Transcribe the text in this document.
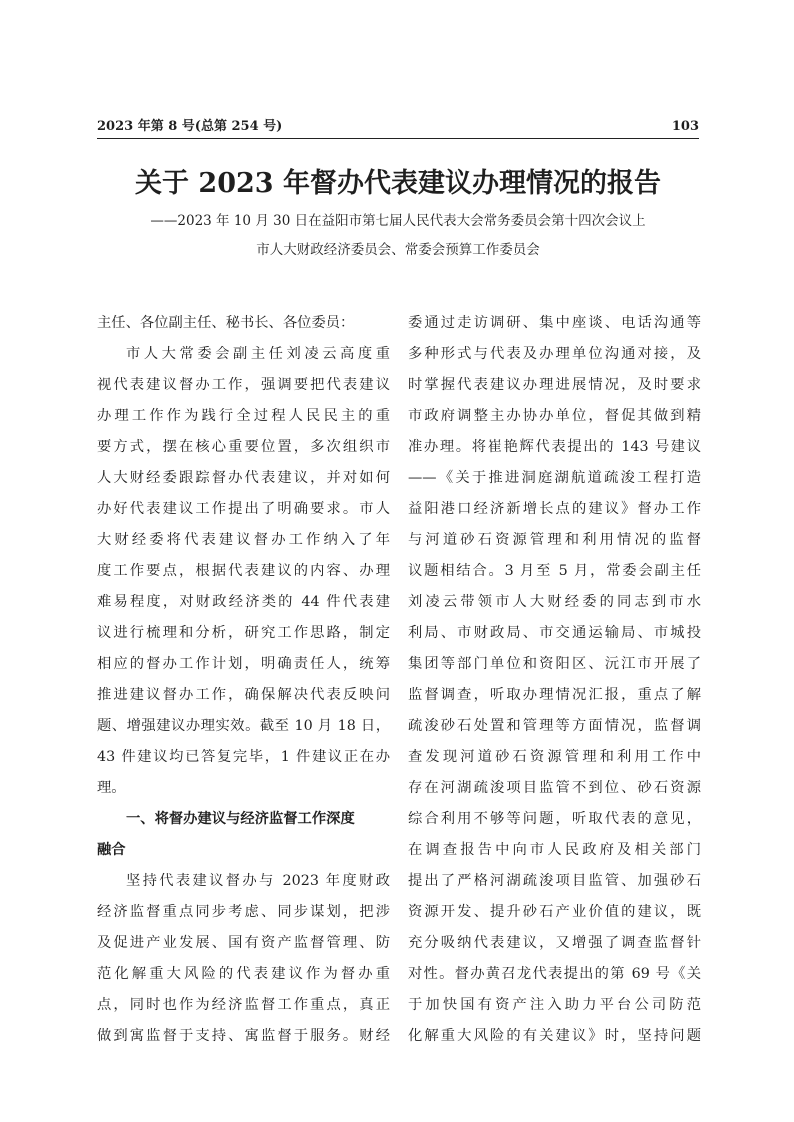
2023 年第 8 号(总第 254 号)	103
关于 2023 年督办代表建议办理情况的报告
——2023 年 10 月 30 日在益阳市第七届人民代表大会常务委员会第十四次会议上
市人大财政经济委员会、常委会预算工作委员会
主任、各位副主任、秘书长、各位委员：
市人大常委会副主任刘凌云高度重
视代表建议督办工作，强调要把代表建议
办理工作作为践行全过程人民民主的重
要方式，摆在核心重要位置，多次组织市
人大财经委跟踪督办代表建议，并对如何
办好代表建议工作提出了明确要求。市人
大财经委将代表建议督办工作纳入了年
度工作要点，根据代表建议的内容、办理
难易程度，对财政经济类的 44 件代表建
议进行梳理和分析，研究工作思路，制定
相应的督办工作计划，明确责任人，统筹
推进建议督办工作，确保解决代表反映问
题、增强建议办理实效。截至 10 月 18 日，
43 件建议均已答复完毕，1 件建议正在办
理。
一、将督办建议与经济监督工作深度
融合
坚持代表建议督办与 2023 年度财政
经济监督重点同步考虑、同步谋划，把涉
及促进产业发展、国有资产监督管理、防
范化解重大风险的代表建议作为督办重
点，同时也作为经济监督工作重点，真正
做到寓监督于支持、寓监督于服务。财经
委通过走访调研、集中座谈、电话沟通等
多种形式与代表及办理单位沟通对接，及
时掌握代表建议办理进展情况，及时要求
市政府调整主办协办单位，督促其做到精
准办理。将崔艳辉代表提出的 143 号建议
——《关于推进洞庭湖航道疏浚工程打造
益阳港口经济新增长点的建议》督办工作
与河道砂石资源管理和利用情况的监督
议题相结合。3 月至 5 月，常委会副主任
刘凌云带领市人大财经委的同志到市水
利局、市财政局、市交通运输局、市城投
集团等部门单位和资阳区、沅江市开展了
监督调查，听取办理情况汇报，重点了解
疏浚砂石处置和管理等方面情况，监督调
查发现河道砂石资源管理和利用工作中
存在河湖疏浚项目监管不到位、砂石资源
综合利用不够等问题，听取代表的意见，
在调查报告中向市人民政府及相关部门
提出了严格河湖疏浚项目监管、加强砂石
资源开发、提升砂石产业价值的建议，既
充分吸纳代表建议，又增强了调查监督针
对性。督办黄召龙代表提出的第 69 号《关
于加快国有资产注入助力平台公司防范
化解重大风险的有关建议》时，坚持问题
